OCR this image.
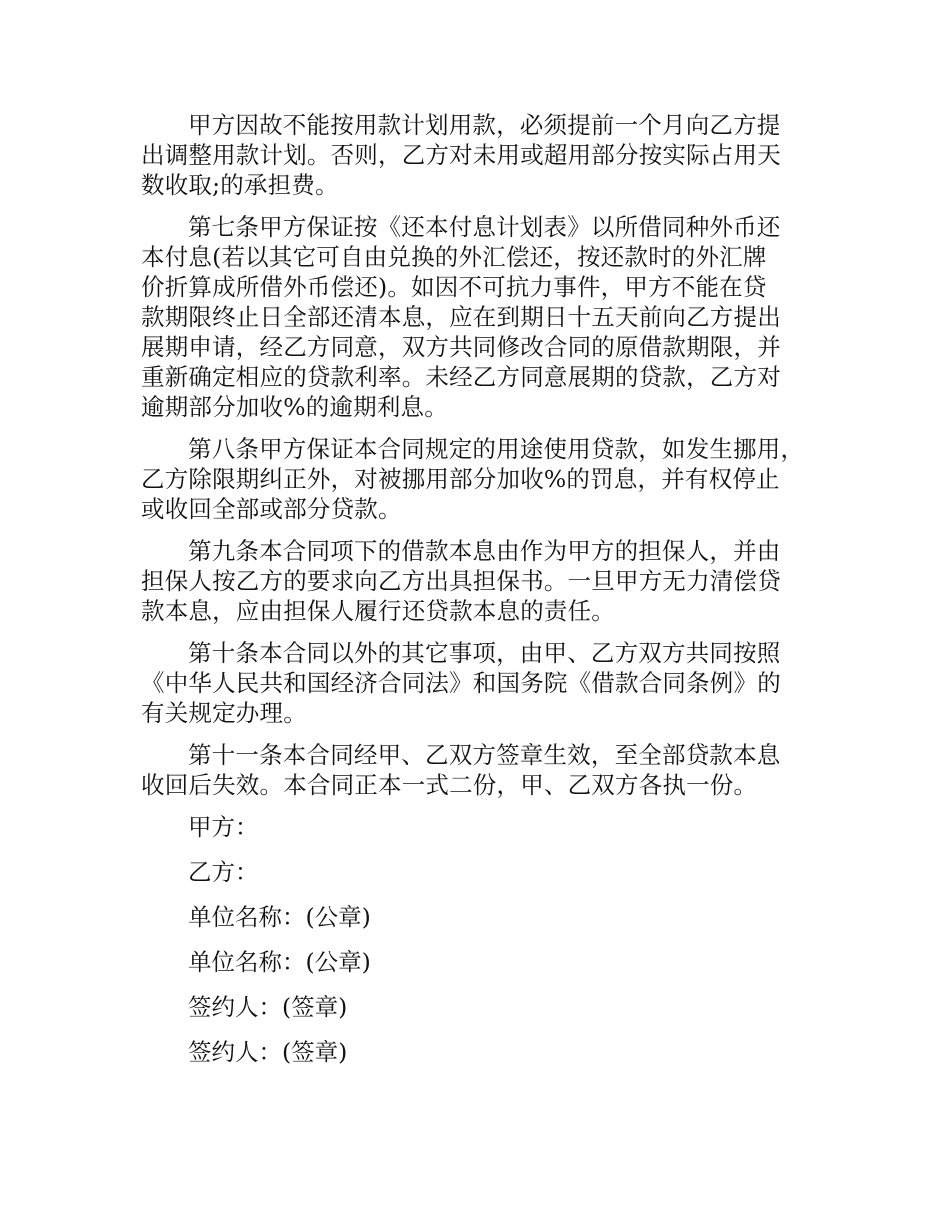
甲方因故不能按用款计划用款，必须提前一个月向乙方提
出调整用款计划。否则，乙方对未用或超用部分按实际占用天
数收取;的承担费。

第七条甲方保证按《还本付息计划表》以所借同种外币还
本付息(若以其它可自由兑换的外汇偿还，按还款时的外汇牌
价折算成所借外币偿还)。如因不可抗力事件，甲方不能在贷
款期限终止日全部还清本息，应在到期日十五天前向乙方提出
展期申请，经乙方同意，双方共同修改合同的原借款期限，并
重新确定相应的贷款利率。未经乙方同意展期的贷款，乙方对
逾期部分加收%的逾期利息。

第八条甲方保证本合同规定的用途使用贷款，如发生挪用，
乙方除限期纠正外，对被挪用部分加收%的罚息，并有权停止
或收回全部或部分贷款。

第九条本合同项下的借款本息由作为甲方的担保人，并由
担保人按乙方的要求向乙方出具担保书。一旦甲方无力清偿贷
款本息，应由担保人履行还贷款本息的责任。

第十条本合同以外的其它事项，由甲、乙方双方共同按照
《中华人民共和国经济合同法》和国务院《借款合同条例》的
有关规定办理。

第十一条本合同经甲、乙双方签章生效，至全部贷款本息
收回后失效。本合同正本一式二份，甲、乙双方各执一份。

甲方：

乙方：

单位名称：(公章)

单位名称：(公章)

签约人：(签章)

签约人：(签章)
